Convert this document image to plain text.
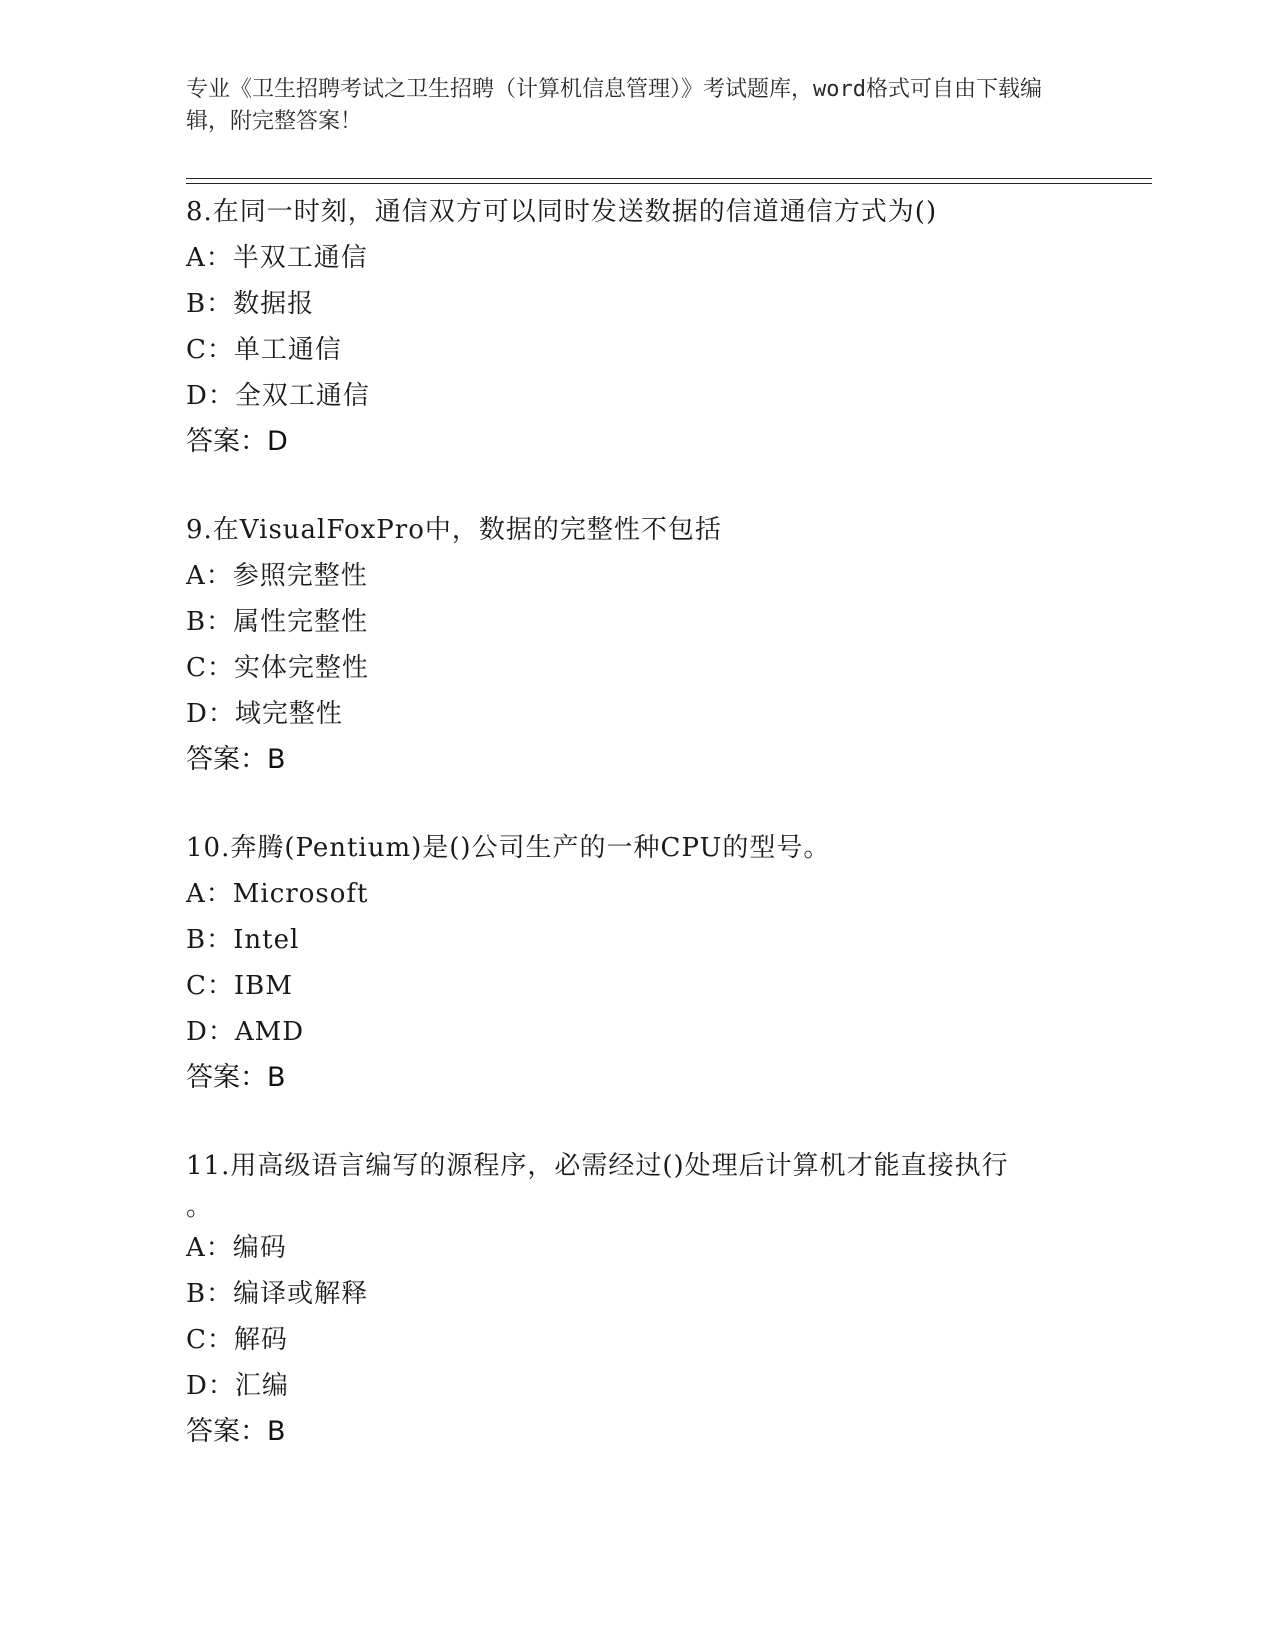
专业《卫生招聘考试之卫生招聘（计算机信息管理）》考试题库，word格式可自由下载编辑，附完整答案！
8.在同一时刻，通信双方可以同时发送数据的信道通信方式为()
A：半双工通信
B：数据报
C：单工通信
D：全双工通信
答案：D
9.在VisualFoxPro中，数据的完整性不包括
A：参照完整性
B：属性完整性
C：实体完整性
D：域完整性
答案：B
10.奔腾(Pentium)是()公司生产的一种CPU的型号。
A：Microsoft
B：Intel
C：IBM
D：AMD
答案：B
11.用高级语言编写的源程序，必需经过()处理后计算机才能直接执行
。
A：编码
B：编译或解释
C：解码
D：汇编
答案：B
